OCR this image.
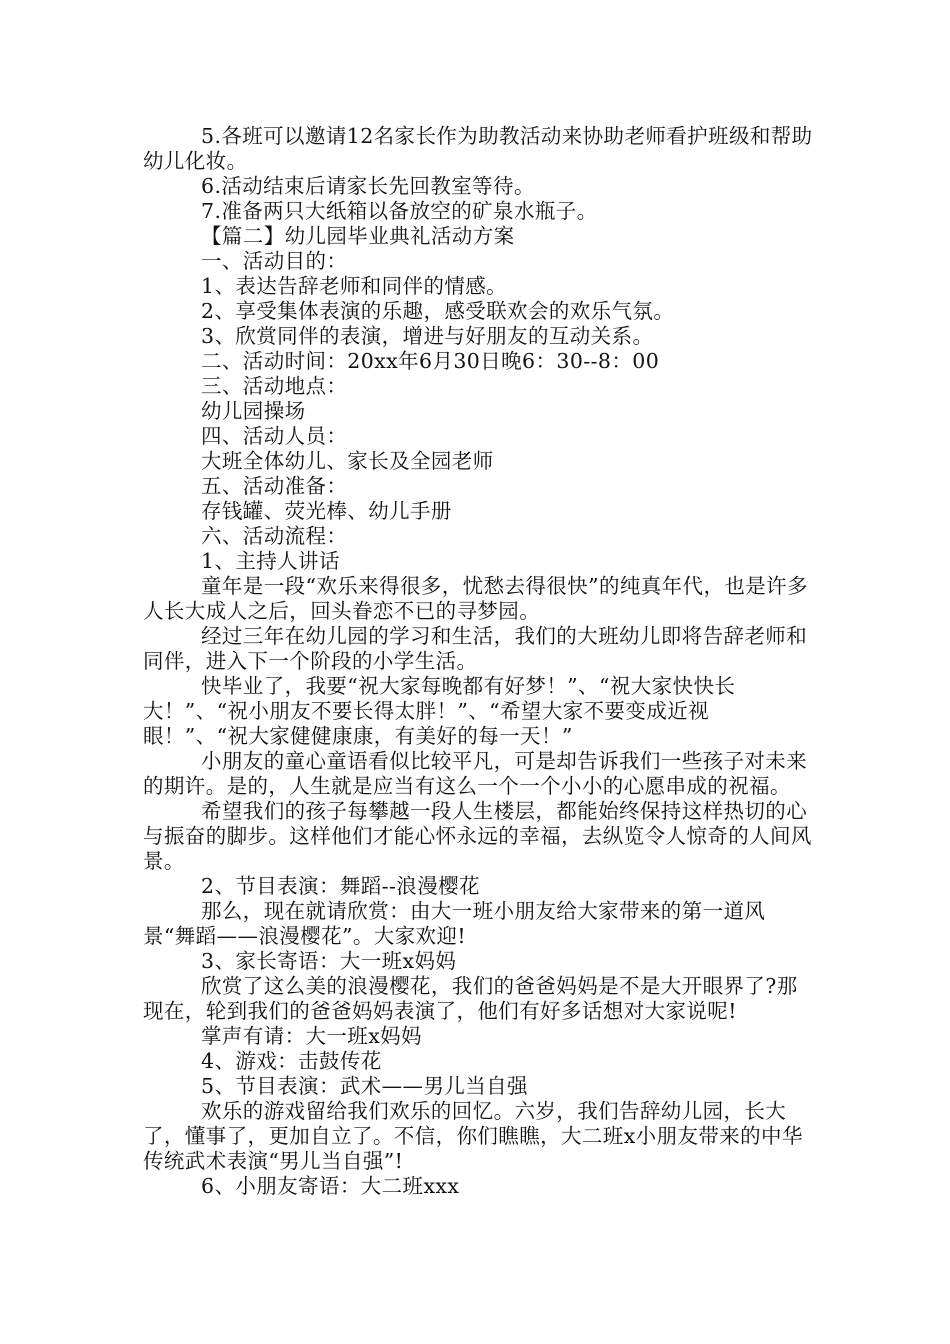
5.各班可以邀请12名家长作为助教活动来协助老师看护班级和帮助幼儿化妆。

6.活动结束后请家长先回教室等待。

7.准备两只大纸箱以备放空的矿泉水瓶子。

【篇二】幼儿园毕业典礼活动方案

一、活动目的：

1、表达告辞老师和同伴的情感。

2、享受集体表演的乐趣，感受联欢会的欢乐气氛。

3、欣赏同伴的表演，增进与好朋友的互动关系。

二、活动时间：20xx年6月30日晚6：30--8：00

三、活动地点：

幼儿园操场

四、活动人员：

大班全体幼儿、家长及全园老师

五、活动准备：

存钱罐、荧光棒、幼儿手册

六、活动流程：

1、主持人讲话

童年是一段“欢乐来得很多，忧愁去得很快”的纯真年代，也是许多人长大成人之后，回头眷恋不已的寻梦园。

经过三年在幼儿园的学习和生活，我们的大班幼儿即将告辞老师和同伴，进入下一个阶段的小学生活。

快毕业了，我要“祝大家每晚都有好梦！”、“祝大家快快长大！”、“祝小朋友不要长得太胖！”、“希望大家不要变成近视眼！”、“祝大家健健康康，有美好的每一天！”

小朋友的童心童语看似比较平凡，可是却告诉我们一些孩子对未来的期许。是的，人生就是应当有这么一个一个小小的心愿串成的祝福。

希望我们的孩子每攀越一段人生楼层，都能始终保持这样热切的心与振奋的脚步。这样他们才能心怀永远的幸福，去纵览令人惊奇的人间风景。

2、节目表演：舞蹈--浪漫樱花

那么，现在就请欣赏：由大一班小朋友给大家带来的第一道风景“舞蹈——浪漫樱花”。大家欢迎!

3、家长寄语：大一班x妈妈

欣赏了这么美的浪漫樱花，我们的爸爸妈妈是不是大开眼界了?那现在，轮到我们的爸爸妈妈表演了，他们有好多话想对大家说呢!

掌声有请：大一班x妈妈

4、游戏：击鼓传花

5、节目表演：武术——男儿当自强

欢乐的游戏留给我们欢乐的回忆。六岁，我们告辞幼儿园，长大了，懂事了，更加自立了。不信，你们瞧瞧，大二班x小朋友带来的中华传统武术表演“男儿当自强”!

6、小朋友寄语：大二班xxx
